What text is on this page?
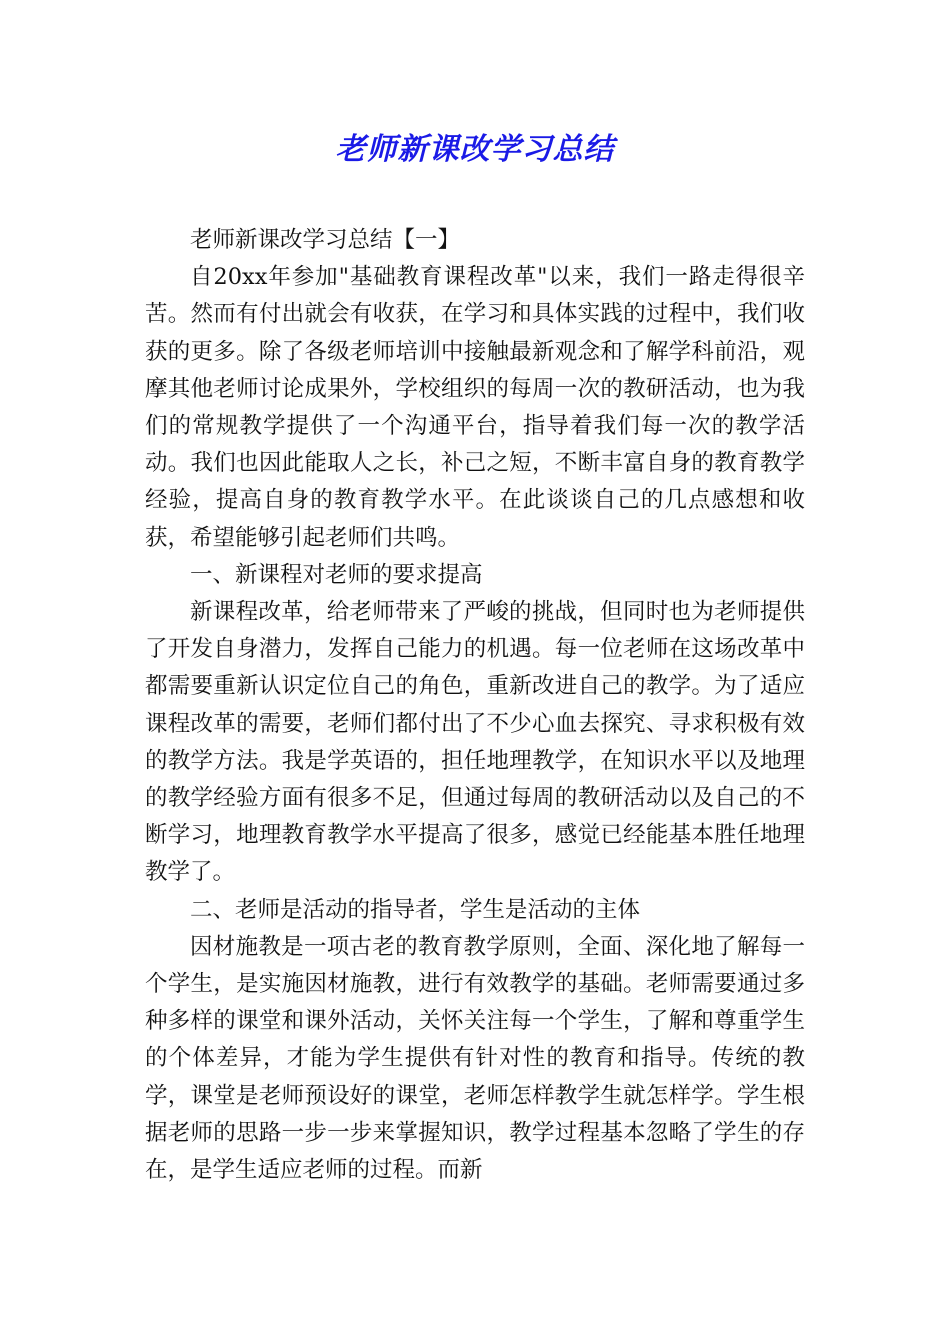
老师新课改学习总结

老师新课改学习总结【一】

自20xx年参加"基础教育课程改革"以来，我们一路走得很辛苦。然而有付出就会有收获，在学习和具体实践的过程中，我们收获的更多。除了各级老师培训中接触最新观念和了解学科前沿，观摩其他老师讨论成果外，学校组织的每周一次的教研活动，也为我们的常规教学提供了一个沟通平台，指导着我们每一次的教学活动。我们也因此能取人之长，补己之短，不断丰富自身的教育教学经验，提高自身的教育教学水平。在此谈谈自己的几点感想和收获，希望能够引起老师们共鸣。

一、新课程对老师的要求提高

新课程改革，给老师带来了严峻的挑战，但同时也为老师提供了开发自身潜力，发挥自己能力的机遇。每一位老师在这场改革中都需要重新认识定位自己的角色，重新改进自己的教学。为了适应课程改革的需要，老师们都付出了不少心血去探究、寻求积极有效的教学方法。我是学英语的，担任地理教学，在知识水平以及地理的教学经验方面有很多不足，但通过每周的教研活动以及自己的不断学习，地理教育教学水平提高了很多，感觉已经能基本胜任地理教学了。

二、老师是活动的指导者，学生是活动的主体

因材施教是一项古老的教育教学原则，全面、深化地了解每一个学生，是实施因材施教，进行有效教学的基础。老师需要通过多种多样的课堂和课外活动，关怀关注每一个学生，了解和尊重学生的个体差异，才能为学生提供有针对性的教育和指导。传统的教学，课堂是老师预设好的课堂，老师怎样教学生就怎样学。学生根据老师的思路一步一步来掌握知识，教学过程基本忽略了学生的存在，是学生适应老师的过程。而新
